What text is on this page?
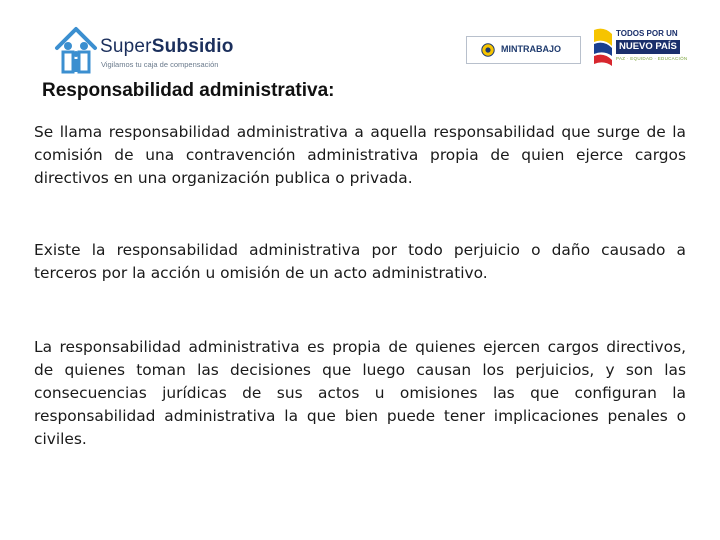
SuperSubsidio
Vigilamos tu caja de compensación
MINTRABAJO
TODOS POR UN
NUEVO PAÍS
PAZ · EQUIDAD · EDUCACIÓN
Responsabilidad administrativa:

Se llama responsabilidad administrativa a aquella responsabilidad que surge de la comisión de una contravención administrativa propia de quien ejerce cargos directivos en una organización publica o privada.

Existe la responsabilidad administrativa por todo perjuicio o daño causado a terceros por la acción u omisión de un acto administrativo.

La responsabilidad administrativa es propia de quienes ejercen cargos directivos, de quienes toman las decisiones que luego causan los perjuicios, y son las consecuencias jurídicas de sus actos u omisiones las que configuran la responsabilidad administrativa la que bien puede tener implicaciones penales o civiles.
